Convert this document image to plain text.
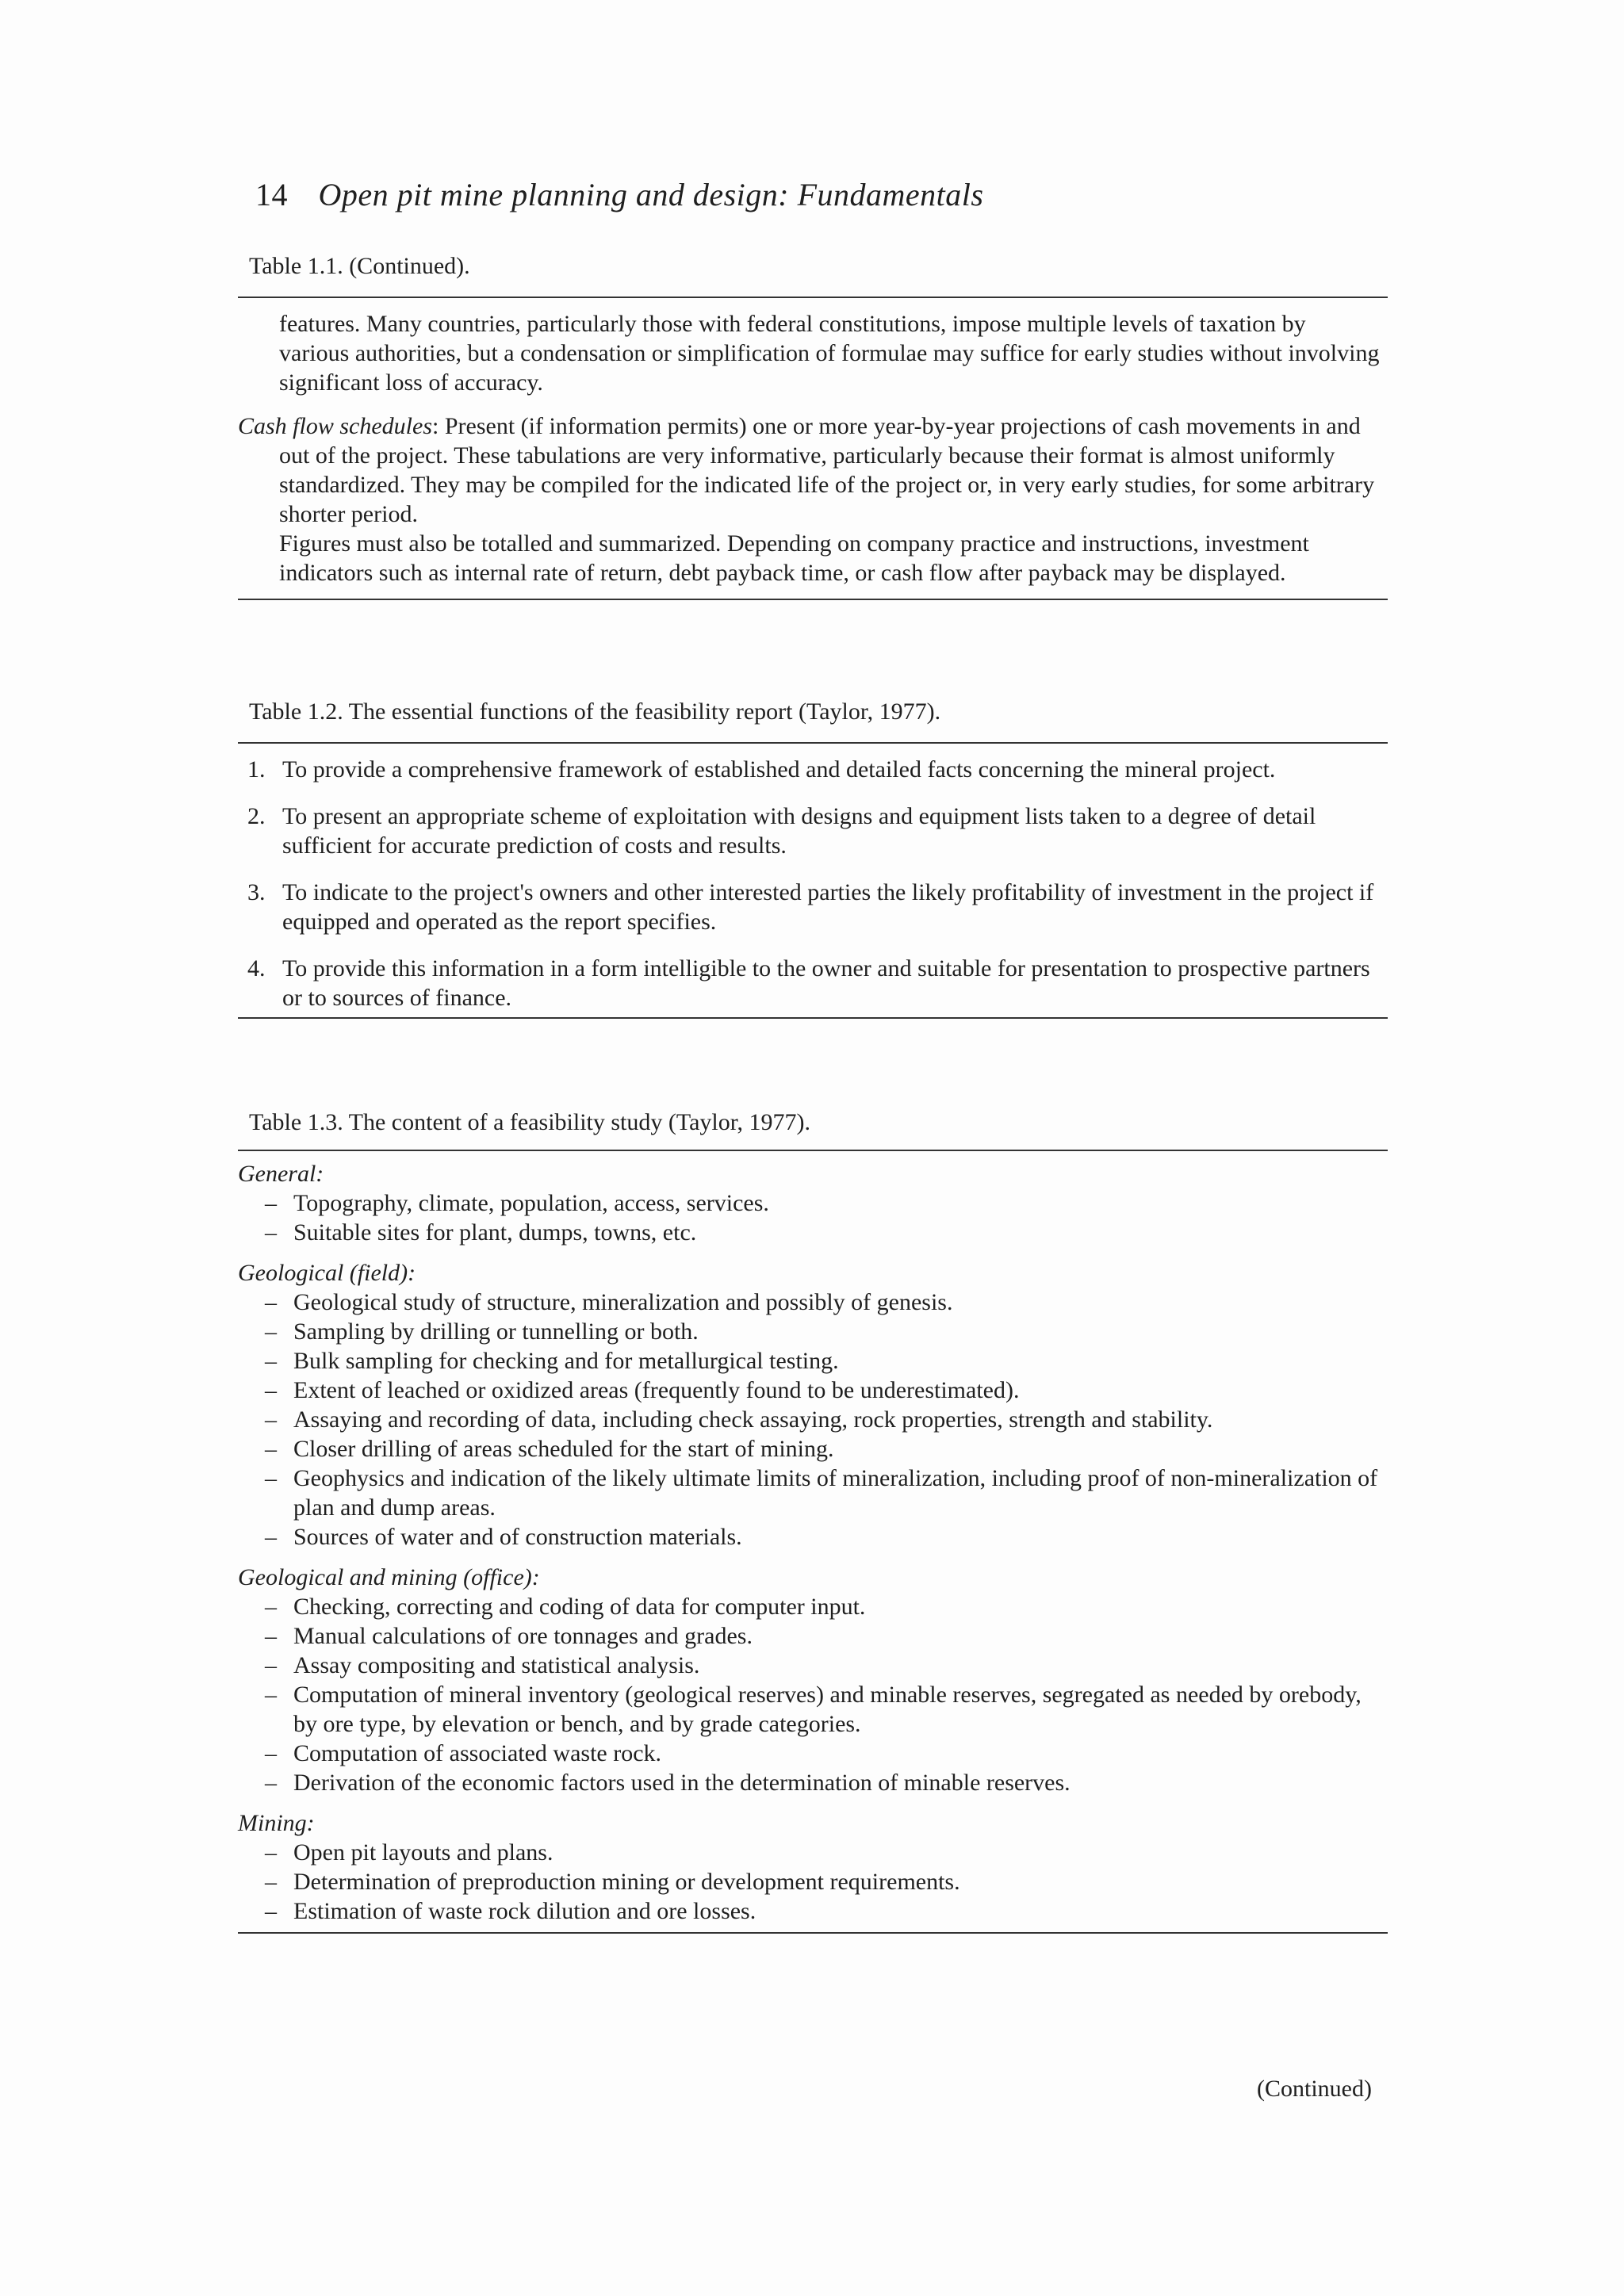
14 Open pit mine planning and design: Fundamentals
Table 1.1. (Continued).

features. Many countries, particularly those with federal constitutions, impose multiple levels of taxation by various authorities, but a condensation or simplification of formulae may suffice for early studies without involving significant loss of accuracy.

Cash flow schedules: Present (if information permits) one or more year-by-year projections of cash movements in and out of the project. These tabulations are very informative, particularly because their format is almost uniformly standardized. They may be compiled for the indicated life of the project or, in very early studies, for some arbitrary shorter period.

Figures must also be totalled and summarized. Depending on company practice and instructions, investment indicators such as internal rate of return, debt payback time, or cash flow after payback may be displayed.

Table 1.2. The essential functions of the feasibility report (Taylor, 1977).
1. To provide a comprehensive framework of established and detailed facts concerning the mineral project.
2. To present an appropriate scheme of exploitation with designs and equipment lists taken to a degree of detail sufficient for accurate prediction of costs and results.
3. To indicate to the project's owners and other interested parties the likely profitability of investment in the project if equipped and operated as the report specifies.
4. To provide this information in a form intelligible to the owner and suitable for presentation to prospective partners or to sources of finance.
Table 1.3. The content of a feasibility study (Taylor, 1977).

General:

– Topography, climate, population, access, services.
– Suitable sites for plant, dumps, towns, etc.

Geological (field):

– Geological study of structure, mineralization and possibly of genesis.
– Sampling by drilling or tunnelling or both.
– Bulk sampling for checking and for metallurgical testing.
– Extent of leached or oxidized areas (frequently found to be underestimated).
– Assaying and recording of data, including check assaying, rock properties, strength and stability.
– Closer drilling of areas scheduled for the start of mining.
– Geophysics and indication of the likely ultimate limits of mineralization, including proof of non-mineralization of plan and dump areas.
– Sources of water and of construction materials.

Geological and mining (office):

– Checking, correcting and coding of data for computer input.
– Manual calculations of ore tonnages and grades.
– Assay compositing and statistical analysis.
– Computation of mineral inventory (geological reserves) and minable reserves, segregated as needed by orebody, by ore type, by elevation or bench, and by grade categories.
– Computation of associated waste rock.
– Derivation of the economic factors used in the determination of minable reserves.

Mining:

– Open pit layouts and plans.
– Determination of preproduction mining or development requirements.
– Estimation of waste rock dilution and ore losses.
(Continued)
